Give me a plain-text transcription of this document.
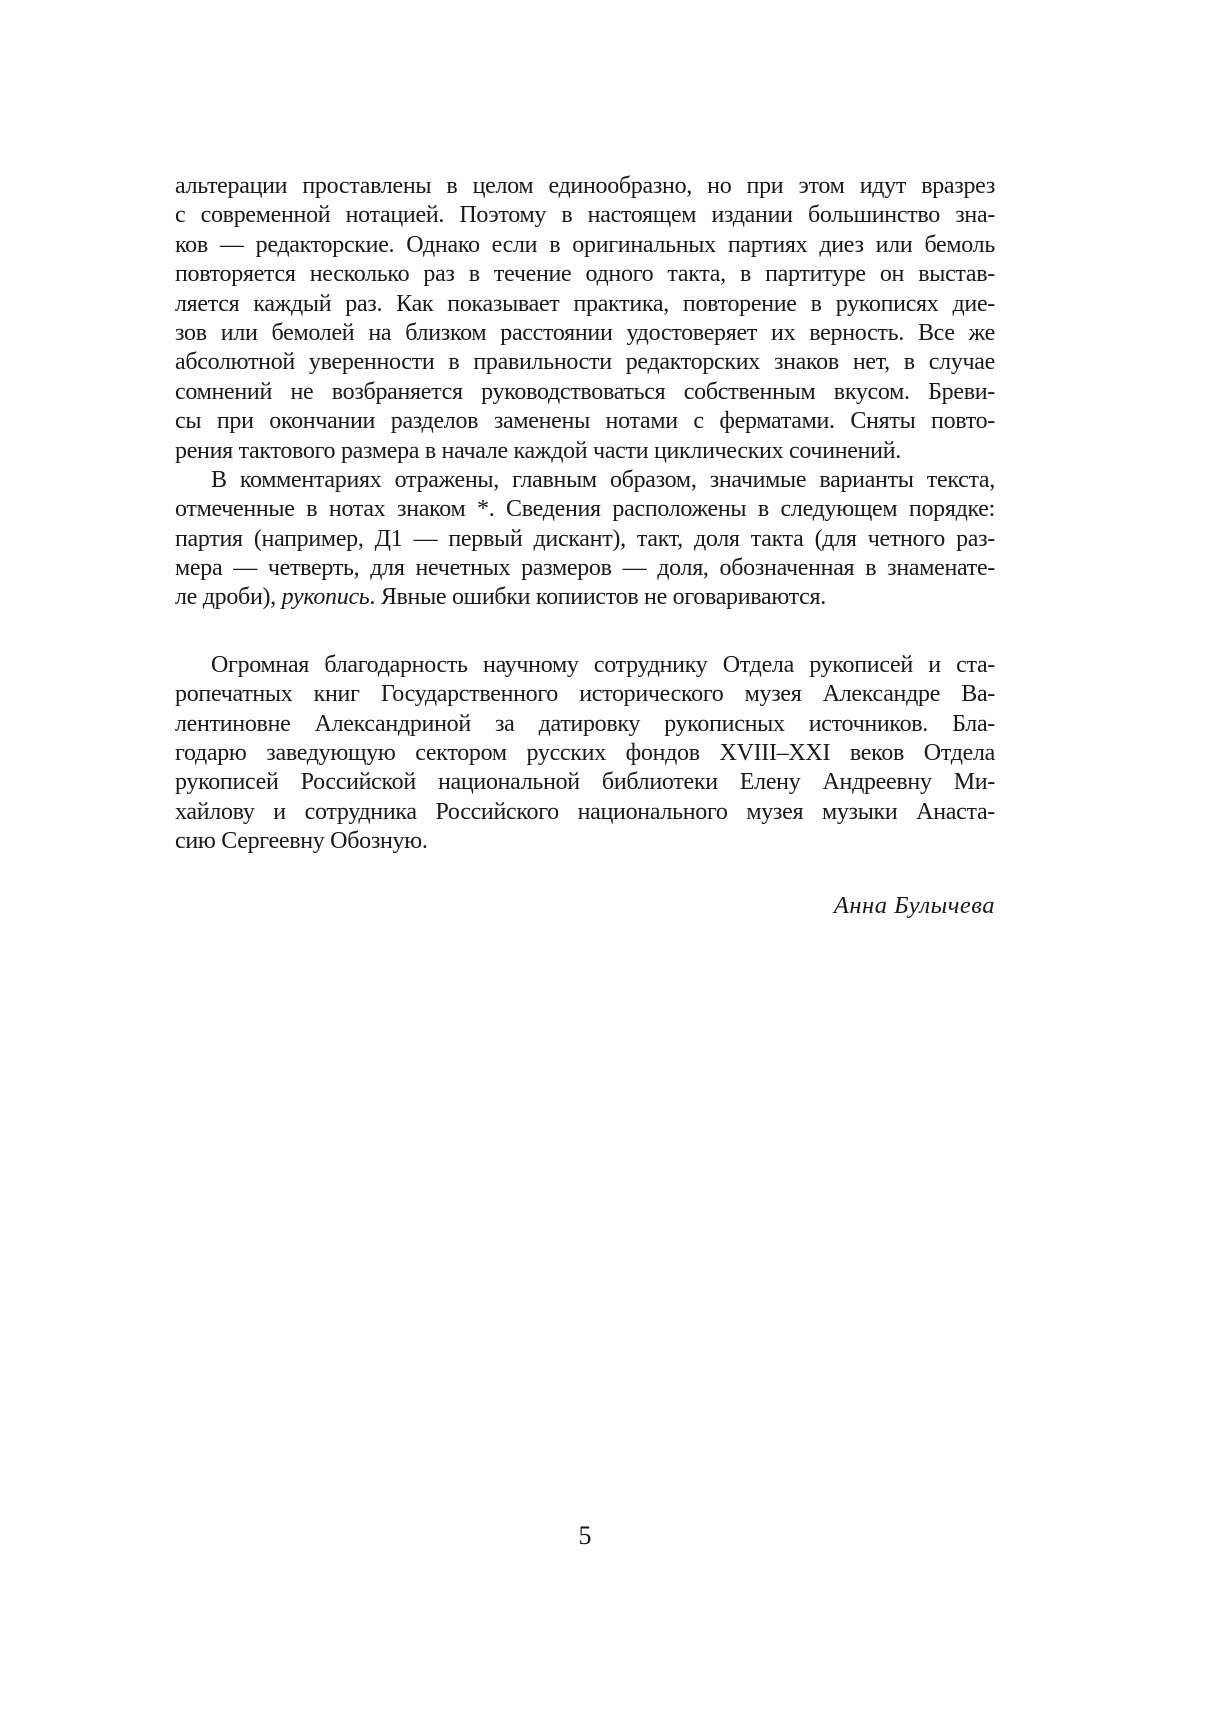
альтерации проставлены в целом единообразно, но при этом идут вразрез
с современной нотацией. Поэтому в настоящем издании большинство зна-
ков — редакторские. Однако если в оригинальных партиях диез или бемоль
повторяется несколько раз в течение одного такта, в партитуре он выстав-
ляется каждый раз. Как показывает практика, повторение в рукописях дие-
зов или бемолей на близком расстоянии удостоверяет их верность. Все же
абсолютной уверенности в правильности редакторских знаков нет, в случае
сомнений не возбраняется руководствоваться собственным вкусом. Бреви-
сы при окончании разделов заменены нотами с ферматами. Сняты повто-
рения тактового размера в начале каждой части циклических сочинений.
В комментариях отражены, главным образом, значимые варианты текста,
отмеченные в нотах знаком *. Сведения расположены в следующем порядке:
партия (например, Д1 — первый дискант), такт, доля такта (для четного раз-
мера — четверть, для нечетных размеров — доля, обозначенная в знаменате-
ле дроби), рукопись. Явные ошибки копиистов не оговариваются.
Огромная благодарность научному сотруднику Отдела рукописей и ста-
ропечатных книг Государственного исторического музея Александре Ва-
лентиновне Александриной за датировку рукописных источников. Бла-
годарю заведующую сектором русских фондов XVIII–XXI веков Отдела
рукописей Российской национальной библиотеки Елену Андреевну Ми-
хайлову и сотрудника Российского национального музея музыки Анаста-
сию Сергеевну Обозную.
Анна Булычева
5
